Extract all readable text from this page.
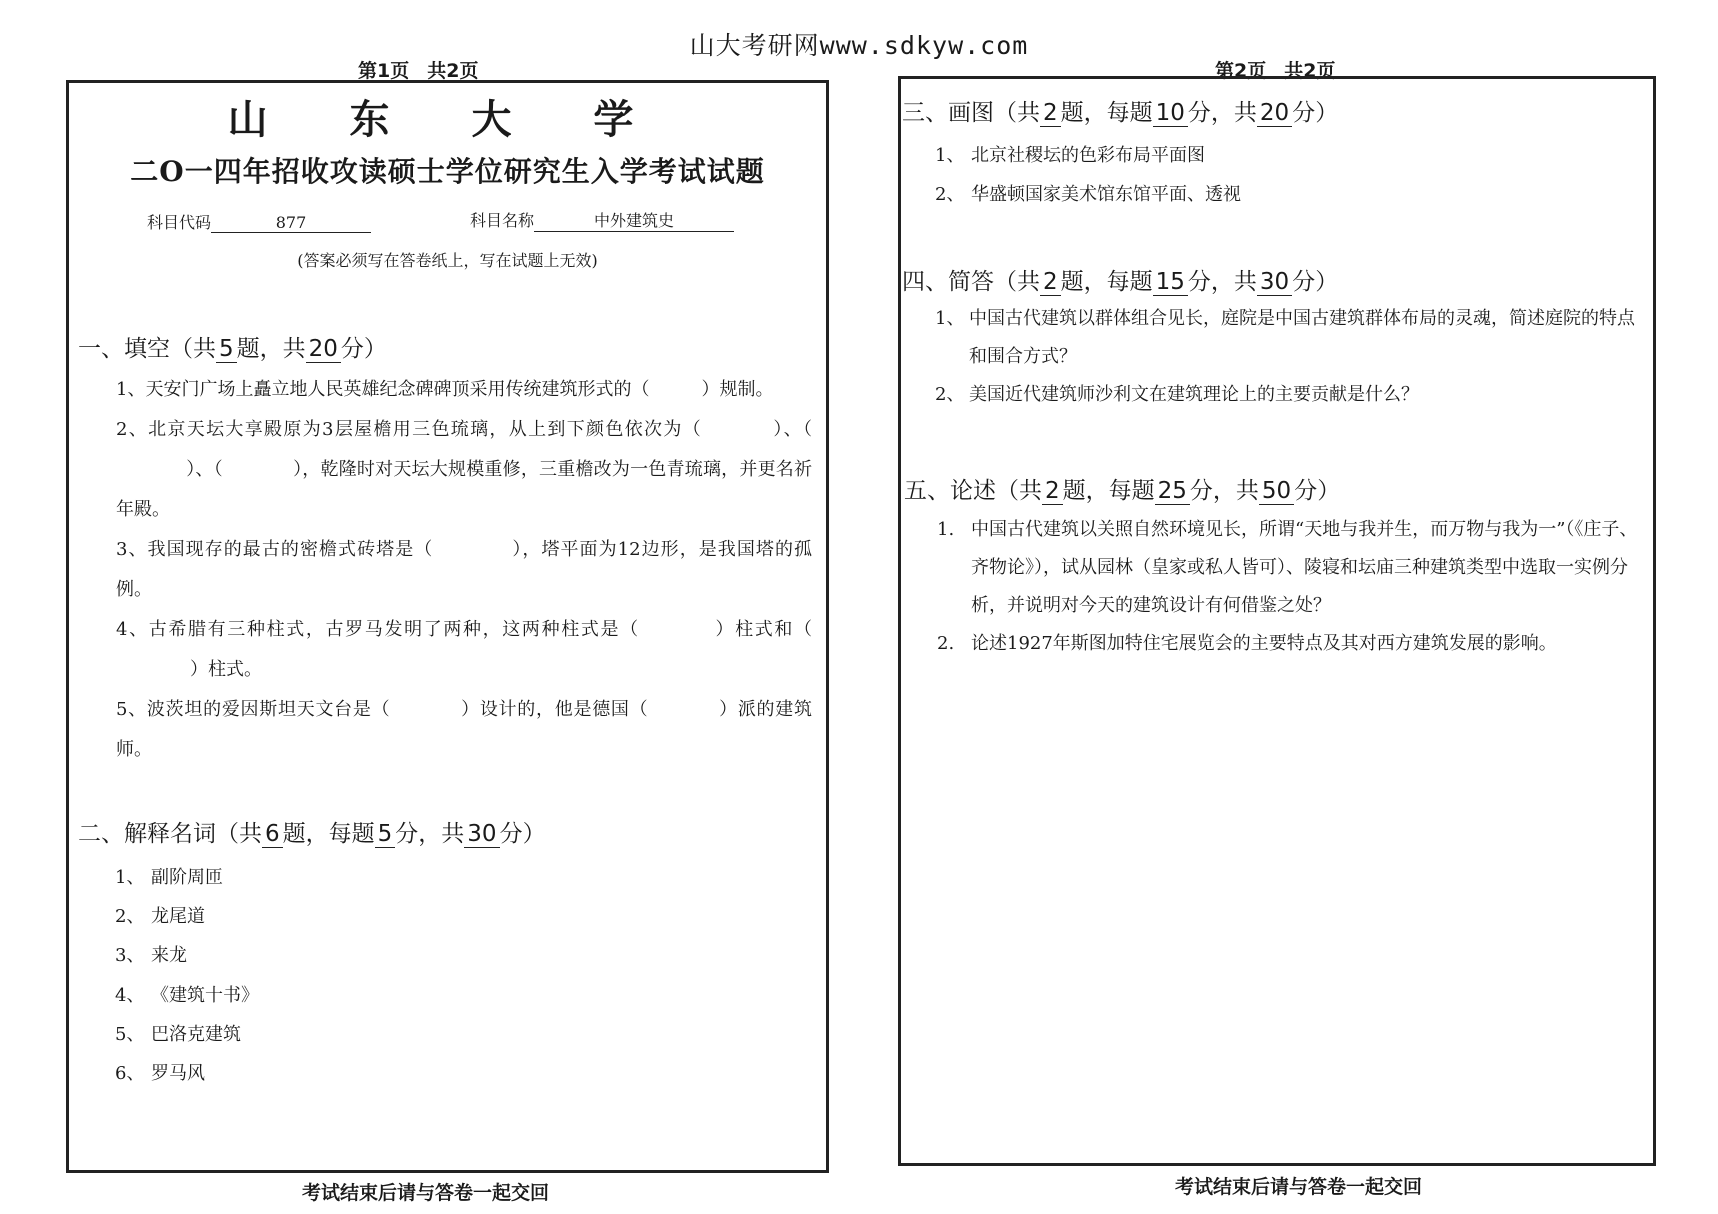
山大考研网www.sdkyw.com
第1页 共2页
山 东 大 学
二O一四年招收攻读硕士学位研究生入学考试试题
科目代码	877	科目名称	中外建筑史
(答案必须写在答卷纸上，写在试题上无效)
一、填空（共 5 题，共 20 分）
1、天安门广场上矗立地人民英雄纪念碑碑顶采用传统建筑形式的（	）规制。
2、北京天坛大享殿原为3层屋檐用三色琉璃，从上到下颜色依次为（	）、（）、（	），乾隆时对天坛大规模重修，三重檐改为一色青琉璃，并更名祈年殿。
3、我国现存的最古的密檐式砖塔是（	），塔平面为12边形，是我国塔的孤例。
4、古希腊有三种柱式，古罗马发明了两种，这两种柱式是（	）柱式和（）柱式。
5、波茨坦的爱因斯坦天文台是（	）设计的，他是德国（	）派的建筑师。
二、解释名词（共 6 题，每题 5 分，共 30 分）
1、 副阶周匝
2、 龙尾道
3、 来龙
4、 《建筑十书》
5、 巴洛克建筑
6、 罗马风
考试结束后请与答卷一起交回
第2页 共2页
三、画图（共 2 题，每题 10 分，共 20 分）
1、 北京社稷坛的色彩布局平面图
2、 华盛顿国家美术馆东馆平面、透视
四、简答（共 2 题，每题 15 分，共 30 分）
1、 中国古代建筑以群体组合见长，庭院是中国古建筑群体布局的灵魂，简述庭院的特点和围合方式？
2、 美国近代建筑师沙利文在建筑理论上的主要贡献是什么？
五、论述（共 2 题，每题 25 分，共 50 分）
1. 中国古代建筑以关照自然环境见长，所谓“天地与我并生，而万物与我为一”（《庄子、齐物论》），试从园林（皇家或私人皆可）、陵寝和坛庙三种建筑类型中选取一实例分析，并说明对今天的建筑设计有何借鉴之处？
2. 论述1927年斯图加特住宅展览会的主要特点及其对西方建筑发展的影响。
考试结束后请与答卷一起交回
